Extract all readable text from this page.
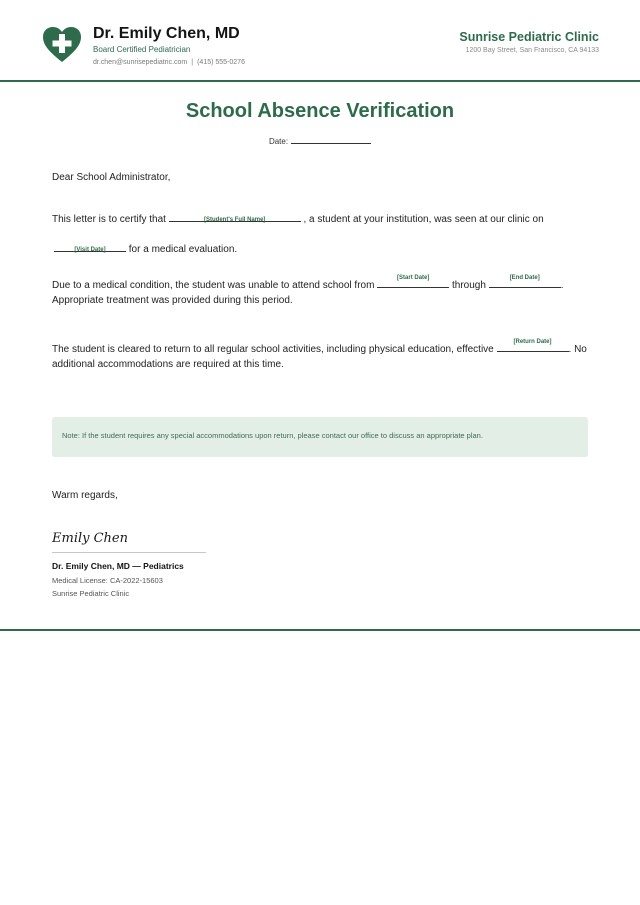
Dr. Emily Chen, MD
Board Certified Pediatrician
dr.chen@sunrisepediatric.com | (415) 555-0276
Sunrise Pediatric Clinic
1200 Bay Street, San Francisco, CA 94133
School Absence Verification
Date:
Dear School Administrator,
This letter is to certify that	[Student's Full Name]	, a student at your institution, was seen at our clinic on
[Visit Date]	for a medical evaluation.
Due to a medical condition, the student was unable to attend school from
[Start Date]
through
[End Date]
. Appropriate treatment was provided during this period.
The student is cleared to return to all regular school activities, including physical education, effective
[Return Date]
. No additional accommodations are required at this time.
Note: If the student requires any special accommodations upon return, please contact our office to discuss an appropriate plan.
Warm regards,
Emily Chen
Dr. Emily Chen, MD — Pediatrics
Medical License: CA-2022-15603
Sunrise Pediatric Clinic
